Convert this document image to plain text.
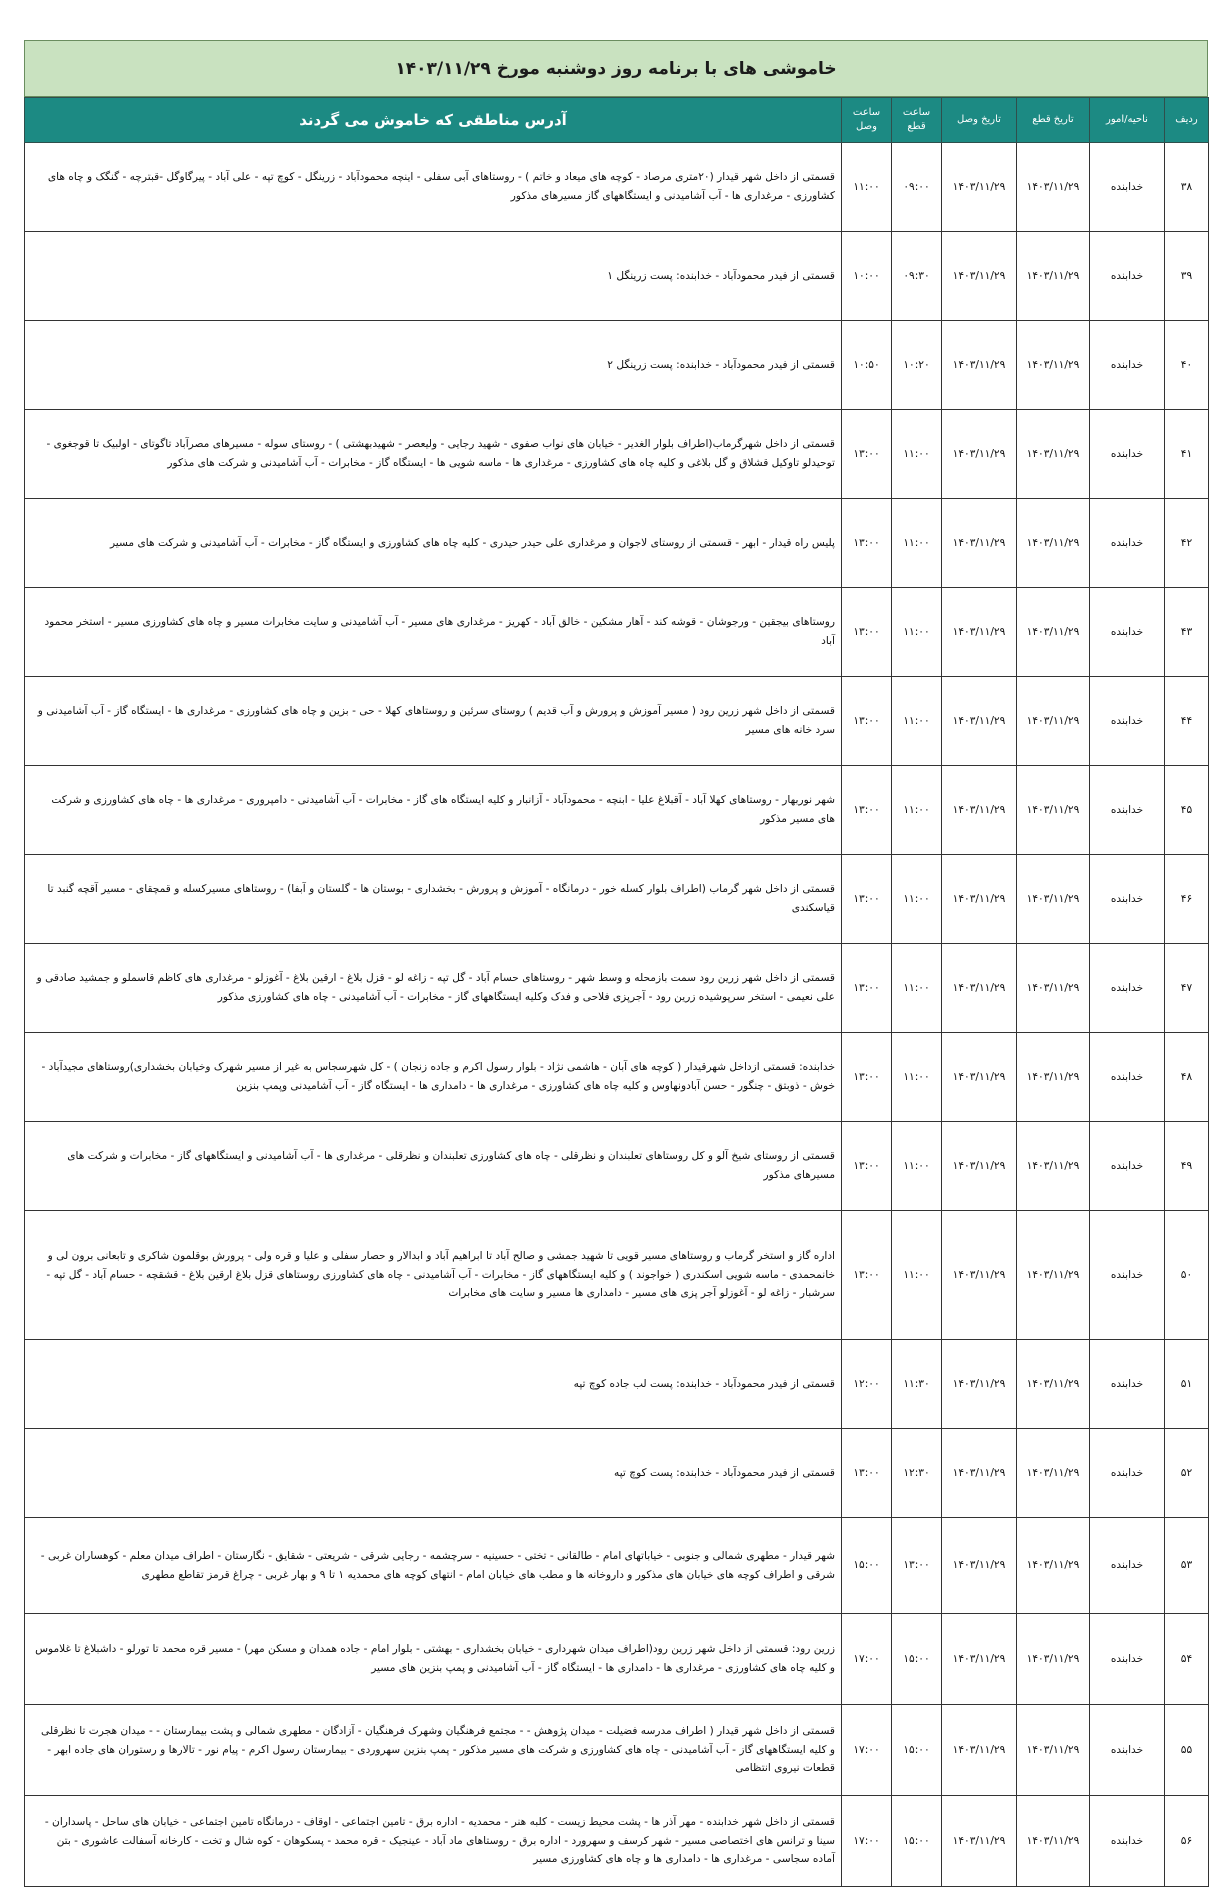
خاموشی های با برنامه روز دوشنبه مورخ ۱۴۰۳/۱۱/۲۹
ردیف	ناحیه/امور	تاریخ قطع	تاریخ وصل	ساعت قطع	ساعت وصل	آدرس مناطقی که خاموش می گردند
۳۸	خدابنده	۱۴۰۳/۱۱/۲۹	۱۴۰۳/۱۱/۲۹	۰۹:۰۰	۱۱:۰۰	قسمتی از داخل شهر قیدار (۲۰متری مرصاد - کوچه های میعاد و خاتم ) - روستاهای آبی سفلی - اینچه محمودآباد - زرینگل - کوچ تپه - علی آباد - پیرگاوگل -قبترچه - گنگک و چاه های کشاورزی - مرغداری ها - آب آشامیدنی و ایستگاههای گاز مسیرهای مذکور
۳۹	خدابنده	۱۴۰۳/۱۱/۲۹	۱۴۰۳/۱۱/۲۹	۰۹:۳۰	۱۰:۰۰	قسمتی از فیدر محمودآباد - خدابنده: پست زرینگل ۱
۴۰	خدابنده	۱۴۰۳/۱۱/۲۹	۱۴۰۳/۱۱/۲۹	۱۰:۲۰	۱۰:۵۰	قسمتی از فیدر محمودآباد - خدابنده: پست زرینگل ۲
۴۱	خدابنده	۱۴۰۳/۱۱/۲۹	۱۴۰۳/۱۱/۲۹	۱۱:۰۰	۱۳:۰۰	قسمتی از داخل شهرگرماب(اطراف بلوار الغدیر - خیابان های نواب صفوی - شهید رجایی - ولیعصر - شهیدبهشتی ) - روستای سوله - مسیرهای مصرآباد تاگوتای - اولبیک تا قوجغوی - توحیدلو تاوکیل قشلاق و گل بلاغی و کلیه چاه های کشاورزی - مرغداری ها - ماسه شویی ها - ایستگاه گاز - مخابرات - آب آشامیدنی و شرکت های مذکور
۴۲	خدابنده	۱۴۰۳/۱۱/۲۹	۱۴۰۳/۱۱/۲۹	۱۱:۰۰	۱۳:۰۰	پلیس راه قیدار - ابهر - قسمتی از روستای لاجوان و مرغداری علی حیدر حیدری - کلیه چاه های کشاورزی و ایستگاه گاز - مخابرات - آب آشامیدنی و شرکت های مسیر
۴۳	خدابنده	۱۴۰۳/۱۱/۲۹	۱۴۰۳/۱۱/۲۹	۱۱:۰۰	۱۳:۰۰	روستاهای بیجقین - ورجوشان - قوشه کند - آهار مشکین - خالق آباد - کهریز - مرغداری های مسیر - آب آشامیدنی و سایت مخابرات مسیر و چاه های کشاورزی مسیر - استخر محمود آباد
۴۴	خدابنده	۱۴۰۳/۱۱/۲۹	۱۴۰۳/۱۱/۲۹	۱۱:۰۰	۱۳:۰۰	قسمتی از داخل شهر زرین رود ( مسیر آموزش و پرورش و آب قدیم ) روستای سرئین و روستاهای کهلا - حی - بزین و چاه های کشاورزی - مرغداری ها - ایستگاه گاز - آب آشامیدنی و سرد خانه های مسیر
۴۵	خدابنده	۱۴۰۳/۱۱/۲۹	۱۴۰۳/۱۱/۲۹	۱۱:۰۰	۱۳:۰۰	شهر نوربهار - روستاهای کهلا آباد - آقبلاغ علیا - ابنچه - محمودآباد - آزانبار و کلیه ایستگاه های گاز - مخابرات - آب آشامیدنی - دامپروری - مرغداری ها - چاه های کشاورزی و شرکت های مسیر مذکور
۴۶	خدابنده	۱۴۰۳/۱۱/۲۹	۱۴۰۳/۱۱/۲۹	۱۱:۰۰	۱۳:۰۰	قسمتی از داخل شهر گرماب (اطراف بلوار کسله خور - درمانگاه - آموزش و پرورش - بخشداری - بوستان ها - گلستان و آبفا) - روستاهای مسیرکسله و قمچقای - مسیر آقچه گنبد تا قیاسکندی
۴۷	خدابنده	۱۴۰۳/۱۱/۲۹	۱۴۰۳/۱۱/۲۹	۱۱:۰۰	۱۳:۰۰	قسمتی از داخل شهر زرین رود سمت بازمحله و وسط شهر - روستاهای حسام آباد - گل تپه - زاغه لو - قزل بلاغ - ارقین بلاغ - آغوزلو - مرغداری های کاظم قاسملو و جمشید صادقی و علی نعیمی - استخر سرپوشیده زرین رود - آجرپزی فلاحی و فدک وکلیه ایستگاههای گاز - مخابرات - آب آشامیدنی - چاه های کشاورزی مذکور
۴۸	خدابنده	۱۴۰۳/۱۱/۲۹	۱۴۰۳/۱۱/۲۹	۱۱:۰۰	۱۳:۰۰	خدابنده: قسمتی ازداخل شهرقیدار ( کوچه های آبان - هاشمی نژاد - بلوار رسول اکرم و جاده زنجان ) - کل شهرسجاس به غیر از مسیر شهرک وخیابان بخشداری)روستاهای مجیدآباد - خوش - ذوبتق - چنگور - حسن آبادونهاوس و کلیه چاه های کشاورزی - مرغداری ها - دامداری ها - ایستگاه گاز - آب آشامیدنی وپمپ بنزین
۴۹	خدابنده	۱۴۰۳/۱۱/۲۹	۱۴۰۳/۱۱/۲۹	۱۱:۰۰	۱۳:۰۰	قسمتی از روستای شیخ آلو و کل روستاهای تعلبندان و نظرقلی - چاه های کشاورزی تعلبندان و نظرقلی - مرغداری ها - آب آشامیدنی و ایستگاههای گاز - مخابرات و شرکت های مسیرهای مذکور
۵۰	خدابنده	۱۴۰۳/۱۱/۲۹	۱۴۰۳/۱۱/۲۹	۱۱:۰۰	۱۳:۰۰	اداره گاز و استخر گرماب و روستاهای مسیر قویی تا شهید جمشی و صالح آباد تا ابراهیم آباد و ابدالار و حصار سفلی و علیا و قره ولی - پرورش بوقلمون شاکری و تابعانی برون لی و خانمحمدی - ماسه شویی اسکندری ( خواجوند ) و کلیه ایستگاههای گاز - مخابرات - آب آشامیدنی - چاه های کشاورزی روستاهای قزل بلاغ ارقین بلاغ - قشقچه - حسام آباد - گل تپه - سرشبار - زاغه لو - آغوزلو آجر پزی های مسیر - دامداری ها مسیر و سایت های مخابرات
۵۱	خدابنده	۱۴۰۳/۱۱/۲۹	۱۴۰۳/۱۱/۲۹	۱۱:۳۰	۱۲:۰۰	قسمتی از فیدر محمودآباد - خدابنده: پست لب جاده کوچ تپه
۵۲	خدابنده	۱۴۰۳/۱۱/۲۹	۱۴۰۳/۱۱/۲۹	۱۲:۳۰	۱۳:۰۰	قسمتی از فیدر محمودآباد - خدابنده: پست کوچ تپه
۵۳	خدابنده	۱۴۰۳/۱۱/۲۹	۱۴۰۳/۱۱/۲۹	۱۳:۰۰	۱۵:۰۰	شهر قیدار - مطهری شمالی و جنوبی - خیاباتهای امام - طالقانی - تختی - حسینیه - سرچشمه - رجایی شرقی - شریعتی - شقایق - نگارستان - اطراف میدان معلم - کوهساران غربی - شرقی و اطراف کوچه های خیابان های مذکور و داروخانه ها و مطب های خیابان امام - انتهای کوچه های محمدیه ۱ تا ۹ و بهار غربی - چراغ قرمز تقاطع مطهری
۵۴	خدابنده	۱۴۰۳/۱۱/۲۹	۱۴۰۳/۱۱/۲۹	۱۵:۰۰	۱۷:۰۰	زرین رود: قسمتی از داخل شهر زرین رود(اطراف میدان شهرداری - خیابان بخشداری - بهشتی - بلوار امام - جاده همدان و مسکن مهر) - مسیر قره محمد تا تورلو - داشبلاغ تا غلاموس و کلیه چاه های کشاورزی - مرغداری ها - دامداری ها - ایستگاه گاز - آب آشامیدنی و پمپ بنزین های مسیر
۵۵	خدابنده	۱۴۰۳/۱۱/۲۹	۱۴۰۳/۱۱/۲۹	۱۵:۰۰	۱۷:۰۰	قسمتی از داخل شهر قیدار ( اطراف مدرسه فضیلت - میدان پژوهش - - مجتمع فرهنگیان وشهرک فرهنگیان - آزادگان - مطهری شمالی و پشت بیمارستان - - میدان هجرت تا نظرقلی و کلیه ایستگاههای گاز - آب آشامیدنی - چاه های کشاورزی و شرکت های مسیر مذکور - پمپ بنزین سهروردی - بیمارستان رسول اکرم - پیام نور - تالارها و رستوران های جاده ابهر - قطعات نیروی انتظامی
۵۶	خدابنده	۱۴۰۳/۱۱/۲۹	۱۴۰۳/۱۱/۲۹	۱۵:۰۰	۱۷:۰۰	قسمتی از داخل شهر خدابنده - مهر آذر ها - پشت محیط زیست - کلبه هنر - محمدیه - اداره برق - تامین اجتماعی - اوقاف - درمانگاه تامین اجتماعی - خیابان های ساحل - پاسداران - سینا و ترانس های اختصاصی مسیر - شهر کرسف و سهرورد - اداره برق - روستاهای ماد آباد - عینجیک - قره محمد - پسکوهان - کوه شال و تخت - کارخانه آسفالت عاشوری - بتن آماده سجاسی - مرغداری ها - دامداری ها و چاه های کشاورزی مسیر
